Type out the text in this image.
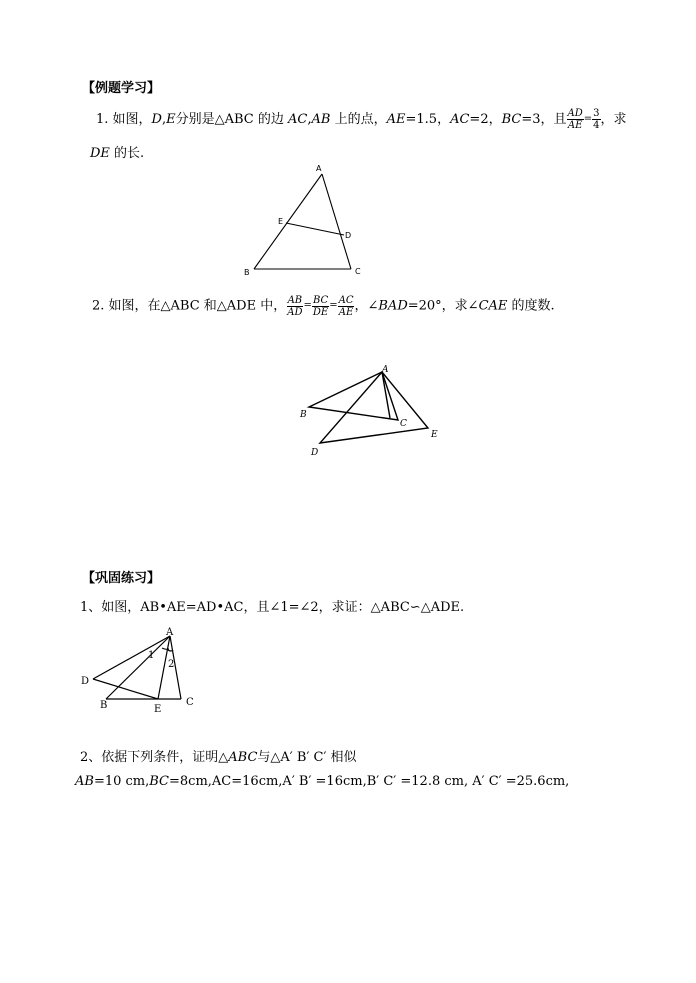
【例题学习】
1. 如图，D,E分别是△ABC 的边 AC,AB 上的点，AE=1.5，AC=2，BC=3，且 $\frac{AD}{AE} = \frac{3}{4}$ ，求
DE 的长.
A
B	C
D
E
2. 如图，在△ABC 和△ADE 中， $\frac{AB}{AD} = \frac{BC}{DE} = \frac{AC}{AE}$ ，∠BAD=20°，求∠CAE 的度数.
A
B
C
D
E
【巩固练习】
1、如图，AB•AE=AD•AC，且∠1=∠2，求证：△ABC∽△ADE.
A
D
B	E
C
1
2
2、依据下列条件，证明△ABC与△A′ B′ C′ 相似
AB=10 cm,BC=8cm,AC=16cm,A′ B′ =16cm,B′ C′ =12.8 cm, A′ C′ =25.6cm,
